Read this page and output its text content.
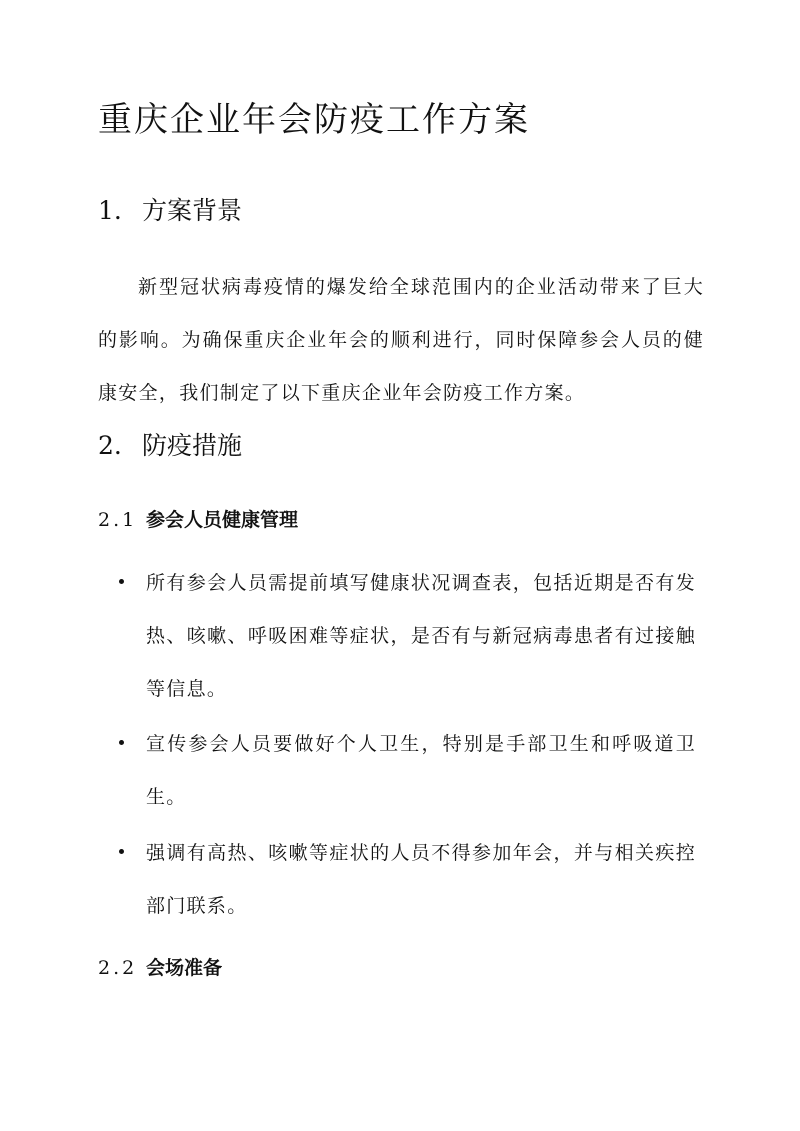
重庆企业年会防疫工作方案
1. 方案背景

新型冠状病毒疫情的爆发给全球范围内的企业活动带来了巨大的影响。为确保重庆企业年会的顺利进行，同时保障参会人员的健康安全，我们制定了以下重庆企业年会防疫工作方案。

2. 防疫措施
2.1 参会人员健康管理

所有参会人员需提前填写健康状况调查表，包括近期是否有发热、咳嗽、呼吸困难等症状，是否有与新冠病毒患者有过接触等信息。

宣传参会人员要做好个人卫生，特别是手部卫生和呼吸道卫生。

强调有高热、咳嗽等症状的人员不得参加年会，并与相关疾控部门联系。

2.2 会场准备
